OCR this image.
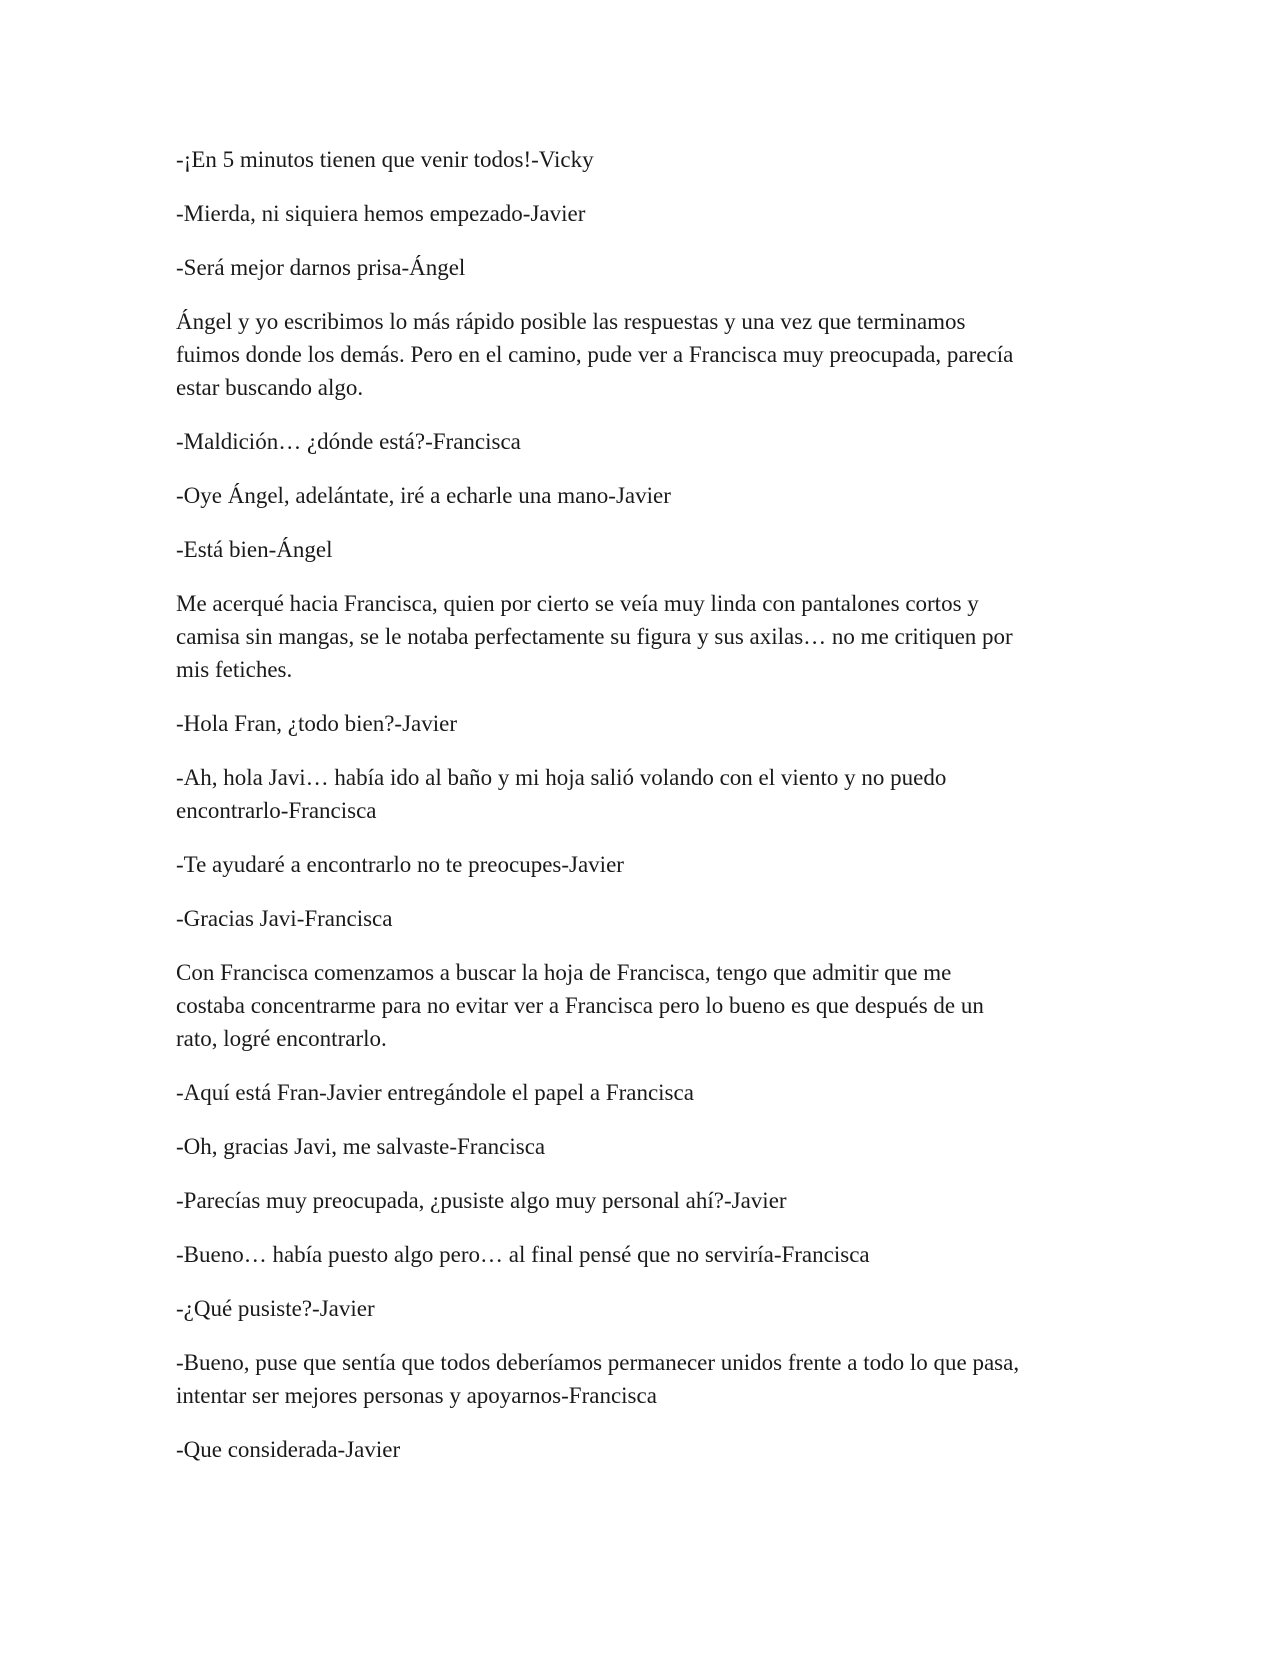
-¡En 5 minutos tienen que venir todos!-Vicky

-Mierda, ni siquiera hemos empezado-Javier

-Será mejor darnos prisa-Ángel

Ángel y yo escribimos lo más rápido posible las respuestas y una vez que terminamos
fuimos donde los demás. Pero en el camino, pude ver a Francisca muy preocupada, parecía
estar buscando algo.

-Maldición… ¿dónde está?-Francisca

-Oye Ángel, adelántate, iré a echarle una mano-Javier

-Está bien-Ángel

Me acerqué hacia Francisca, quien por cierto se veía muy linda con pantalones cortos y
camisa sin mangas, se le notaba perfectamente su figura y sus axilas… no me critiquen por
mis fetiches.

-Hola Fran, ¿todo bien?-Javier

-Ah, hola Javi… había ido al baño y mi hoja salió volando con el viento y no puedo
encontrarlo-Francisca

-Te ayudaré a encontrarlo no te preocupes-Javier

-Gracias Javi-Francisca

Con Francisca comenzamos a buscar la hoja de Francisca, tengo que admitir que me
costaba concentrarme para no evitar ver a Francisca pero lo bueno es que después de un
rato, logré encontrarlo.

-Aquí está Fran-Javier entregándole el papel a Francisca

-Oh, gracias Javi, me salvaste-Francisca

-Parecías muy preocupada, ¿pusiste algo muy personal ahí?-Javier

-Bueno… había puesto algo pero… al final pensé que no serviría-Francisca

-¿Qué pusiste?-Javier

-Bueno, puse que sentía que todos deberíamos permanecer unidos frente a todo lo que pasa,
intentar ser mejores personas y apoyarnos-Francisca

-Que considerada-Javier
